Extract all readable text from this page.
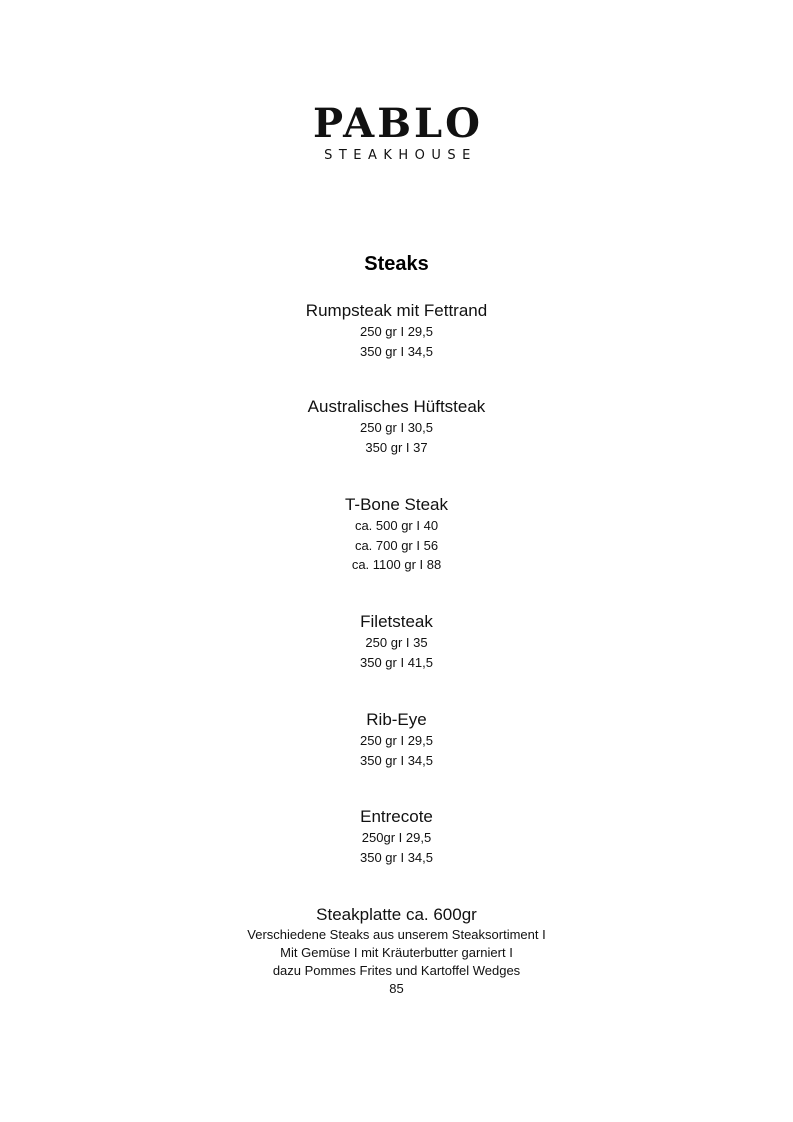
PABLO
STEAKHOUSE
Steaks
Rumpsteak mit Fettrand
250 gr I 29,5
350 gr I 34,5
Australisches Hüftsteak
250 gr I 30,5
350 gr I 37
T-Bone Steak
ca. 500 gr I 40
ca. 700 gr I 56
ca. 1100 gr I 88
Filetsteak
250 gr I 35
350 gr I 41,5
Rib-Eye
250 gr I 29,5
350 gr I 34,5
Entrecote
250gr I 29,5
350 gr I 34,5
Steakplatte ca. 600gr
Verschiedene Steaks aus unserem Steaksortiment I
Mit Gemüse I mit Kräuterbutter garniert I
dazu Pommes Frites und Kartoffel Wedges
85
